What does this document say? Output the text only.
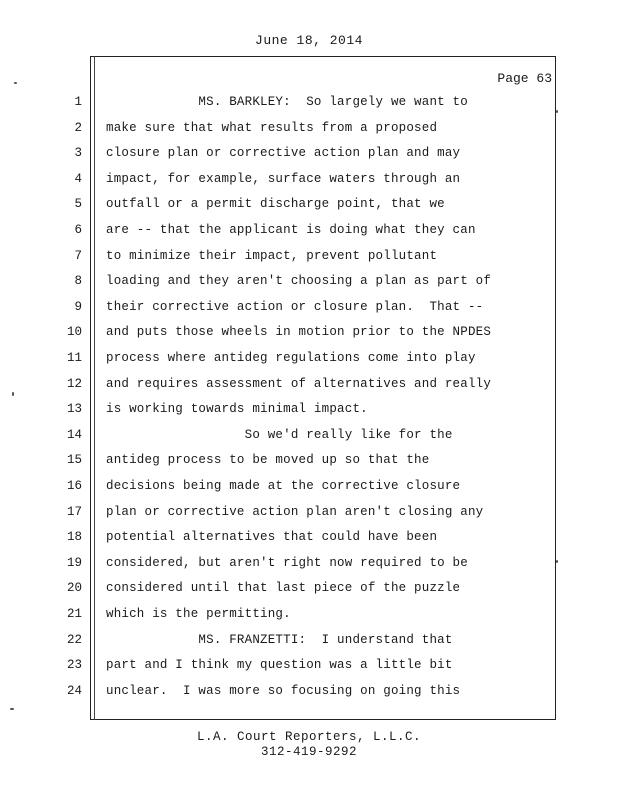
June 18, 2014
Page 63
1 MS. BARKLEY:  So largely we want to
2 make sure that what results from a proposed
3 closure plan or corrective action plan and may
4 impact, for example, surface waters through an
5 outfall or a permit discharge point, that we
6 are -- that the applicant is doing what they can
7 to minimize their impact, prevent pollutant
8 loading and they aren't choosing a plan as part of
9 their corrective action or closure plan.  That --
10 and puts those wheels in motion prior to the NPDES
11 process where antideg regulations come into play
12 and requires assessment of alternatives and really
13 is working towards minimal impact.
14 So we'd really like for the
15 antideg process to be moved up so that the
16 decisions being made at the corrective closure
17 plan or corrective action plan aren't closing any
18 potential alternatives that could have been
19 considered, but aren't right now required to be
20 considered until that last piece of the puzzle
21 which is the permitting.
22 MS. FRANZETTI:  I understand that
23 part and I think my question was a little bit
24 unclear.  I was more so focusing on going this
L.A. Court Reporters, L.L.C.
312-419-9292
